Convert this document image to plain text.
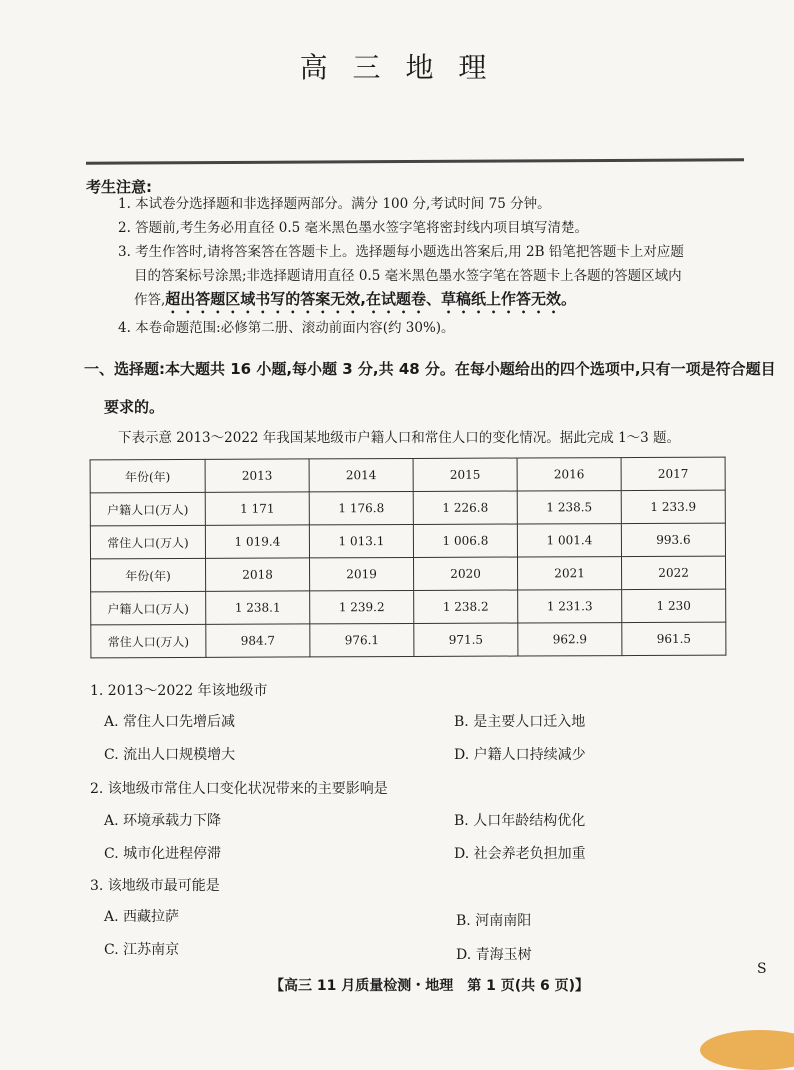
高 三 地 理
考生注意:
1. 本试卷分选择题和非选择题两部分。满分 100 分,考试时间 75 分钟。
2. 答题前,考生务必用直径 0.5 毫米黑色墨水签字笔将密封线内项目填写清楚。
3. 考生作答时,请将答案答在答题卡上。选择题每小题选出答案后,用 2B 铅笔把答题卡上对应题
目的答案标号涂黑;非选择题请用直径 0.5 毫米黑色墨水签字笔在答题卡上各题的答题区域内
作答,超出答题区域书写的答案无效,在试题卷、草稿纸上作答无效。
4. 本卷命题范围:必修第二册、滚动前面内容(约 30%)。
一、选择题:本大题共 16 小题,每小题 3 分,共 48 分。在每小题给出的四个选项中,只有一项是符合题目
要求的。
下表示意 2013～2022 年我国某地级市户籍人口和常住人口的变化情况。据此完成 1～3 题。
年份(年)	2013	2014	2015	2016	2017
户籍人口(万人)	1 171	1 176.8	1 226.8	1 238.5	1 233.9
常住人口(万人)	1 019.4	1 013.1	1 006.8	1 001.4	993.6
年份(年)	2018	2019	2020	2021	2022
户籍人口(万人)	1 238.1	1 239.2	1 238.2	1 231.3	1 230
常住人口(万人)	984.7	976.1	971.5	962.9	961.5
1. 2013～2022 年该地级市
A. 常住人口先增后减	B. 是主要人口迁入地
C. 流出人口规模增大	D. 户籍人口持续减少
2. 该地级市常住人口变化状况带来的主要影响是
A. 环境承载力下降	B. 人口年龄结构优化
C. 城市化进程停滞	D. 社会养老负担加重
3. 该地级市最可能是
A. 西藏拉萨	B. 河南南阳
C. 江苏南京	D. 青海玉树
S
【高三 11 月质量检测・地理　第 1 页(共 6 页)】
